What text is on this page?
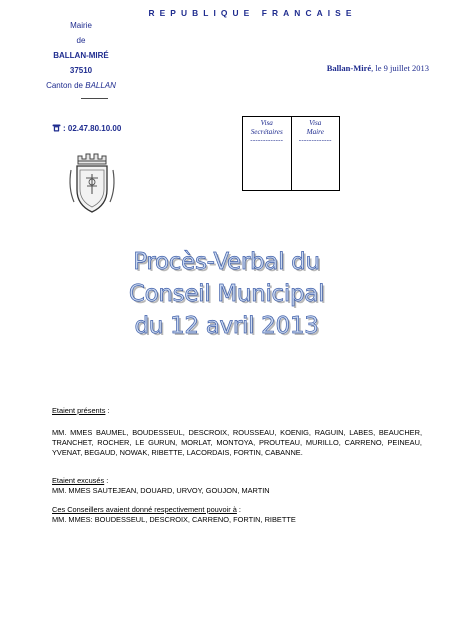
REPUBLIQUE FRANCAISE
Mairie
de
BALLAN-MIRÉ
37510
Canton de BALLAN
Ballan-Miré, le 9 juillet 2013
: 02.47.80.10.00
Visa
Secrétaires
-------------
Visa
Maire
-------------
Procès-Verbal du
Conseil Municipal
du 12 avril 2013
Etaient présents :
MM. MMES BAUMEL, BOUDESSEUL, DESCROIX, ROUSSEAU, KOENIG, RAGUIN, LABES, BEAUCHER, TRANCHET, ROCHER, LE GURUN, MORLAT, MONTOYA, PROUTEAU, MURILLO, CARRENO, PEINEAU, YVENAT, BEGAUD, NOWAK, RIBETTE, LACORDAIS, FORTIN, CABANNE.
Etaient excusés :
MM. MMES SAUTEJEAN, DOUARD, URVOY, GOUJON, MARTIN
Ces Conseillers avaient donné respectivement pouvoir à :
MM. MMES: BOUDESSEUL, DESCROIX, CARRENO, FORTIN, RIBETTE
